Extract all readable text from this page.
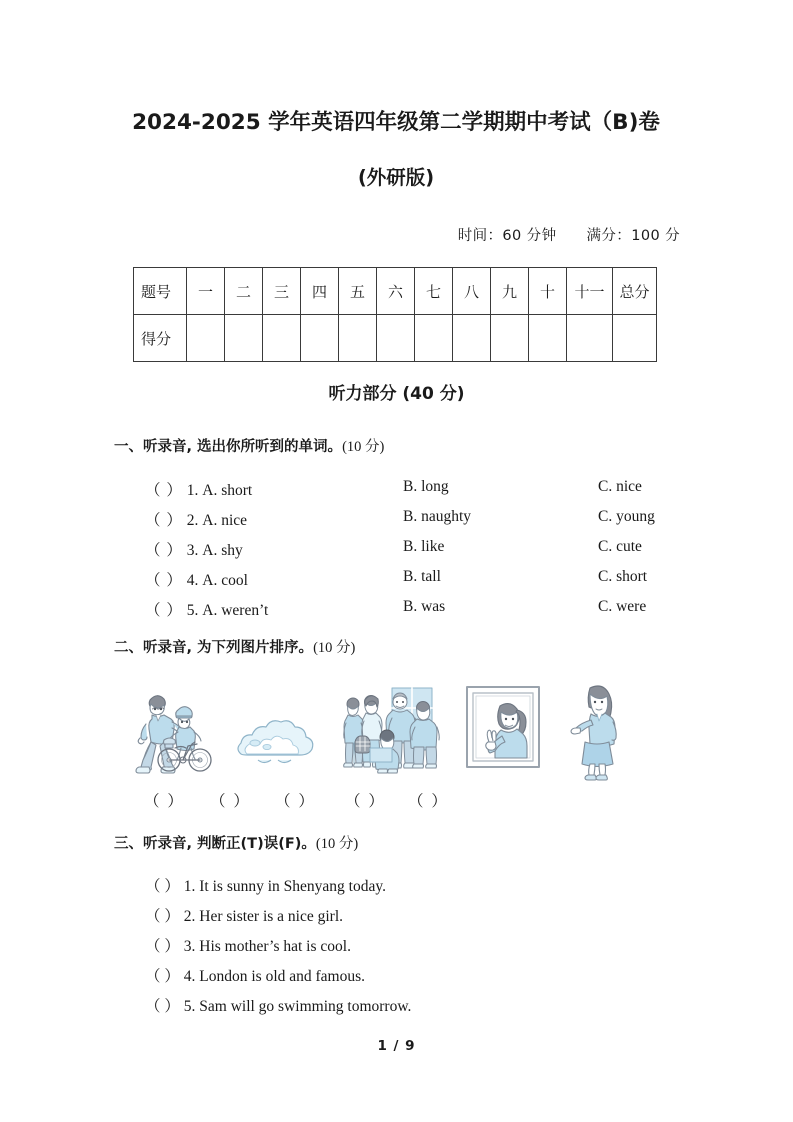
2024-2025 学年英语四年级第二学期期中考试（B)卷
(外研版)
时间：60 分钟 满分：100 分
题号	一	二	三	四	五	六	七	八	九	十	十一	总分
得分												
听力部分 (40 分)
一、听录音, 选出你所听到的单词。(10 分)
（ ） 1. A. short	B. long	C. nice
（ ） 2. A. nice	B. naughty	C. young
（ ） 3. A. shy	B. like	C. cute
（ ） 4. A. cool	B. tall	C. short
（ ） 5. A. weren’t	B. was	C. were
二、听录音, 为下列图片排序。(10 分)
（ ） （ ） （ ） （ ） （ ）
三、听录音, 判断正(T)误(F)。(10 分)
（ ） 1. It is sunny in Shenyang today.
（ ） 2. Her sister is a nice girl.
（ ） 3. His mother’s hat is cool.
（ ） 4. London is old and famous.
（ ） 5. Sam will go swimming tomorrow.
1 / 9
